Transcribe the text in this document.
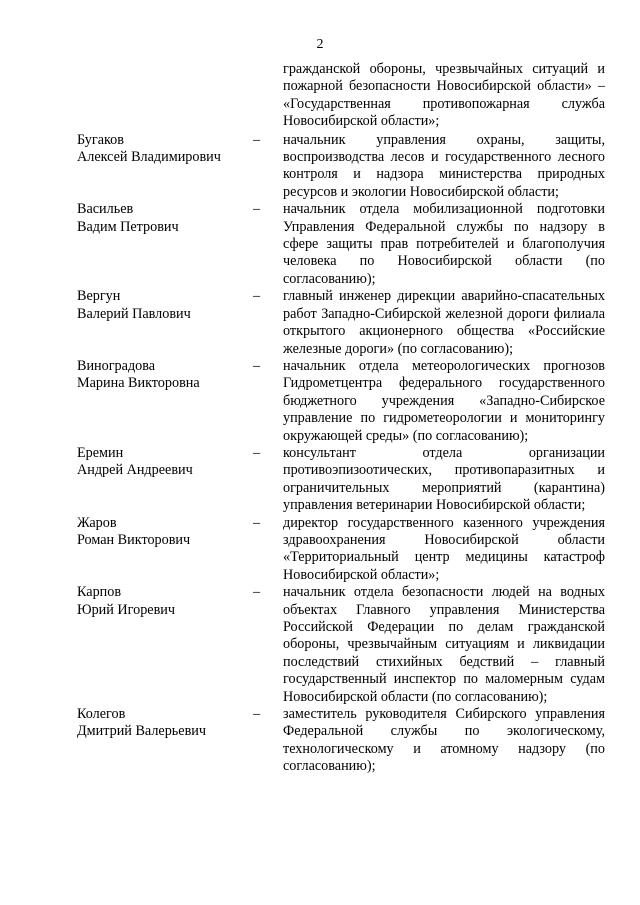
2
гражданской обороны, чрезвычайных ситуаций и пожарной безопасности Новосибирской области» – «Государственная противопожарная служба Новосибирской области»;
Бугаков
Алексей Владимирович
–	начальник управления охраны, защиты, воспроизводства лесов и государственного лесного контроля и надзора министерства природных ресурсов и экологии Новосибирской области;
Васильев
Вадим Петрович
–	начальник отдела мобилизационной подготовки Управления Федеральной службы по надзору в сфере защиты прав потребителей и благополучия человека по Новосибирской области (по согласованию);
Вергун
Валерий Павлович
–	главный инженер дирекции аварийно-спасательных работ Западно-Сибирской железной дороги филиала открытого акционерного общества «Российские железные дороги» (по согласованию);
Виноградова
Марина Викторовна
–	начальник отдела метеорологических прогнозов Гидрометцентра федерального государственного бюджетного учреждения «Западно-Сибирское управление по гидрометеорологии и мониторингу окружающей среды» (по согласованию);
Еремин
Андрей Андреевич
–	консультант отдела организации противоэпизоотических, противопаразитных и ограничительных мероприятий (карантина) управления ветеринарии Новосибирской области;
Жаров
Роман Викторович
–	директор государственного казенного учреждения здравоохранения Новосибирской области «Территориальный центр медицины катастроф Новосибирской области»;
Карпов
Юрий Игоревич
–	начальник отдела безопасности людей на водных объектах Главного управления Министерства Российской Федерации по делам гражданской обороны, чрезвычайным ситуациям и ликвидации последствий стихийных бедствий – главный государственный инспектор по маломерным судам Новосибирской области (по согласованию);
Колегов
Дмитрий Валерьевич
–	заместитель руководителя Сибирского управления Федеральной службы по экологическому, технологическому и атомному надзору (по согласованию);
